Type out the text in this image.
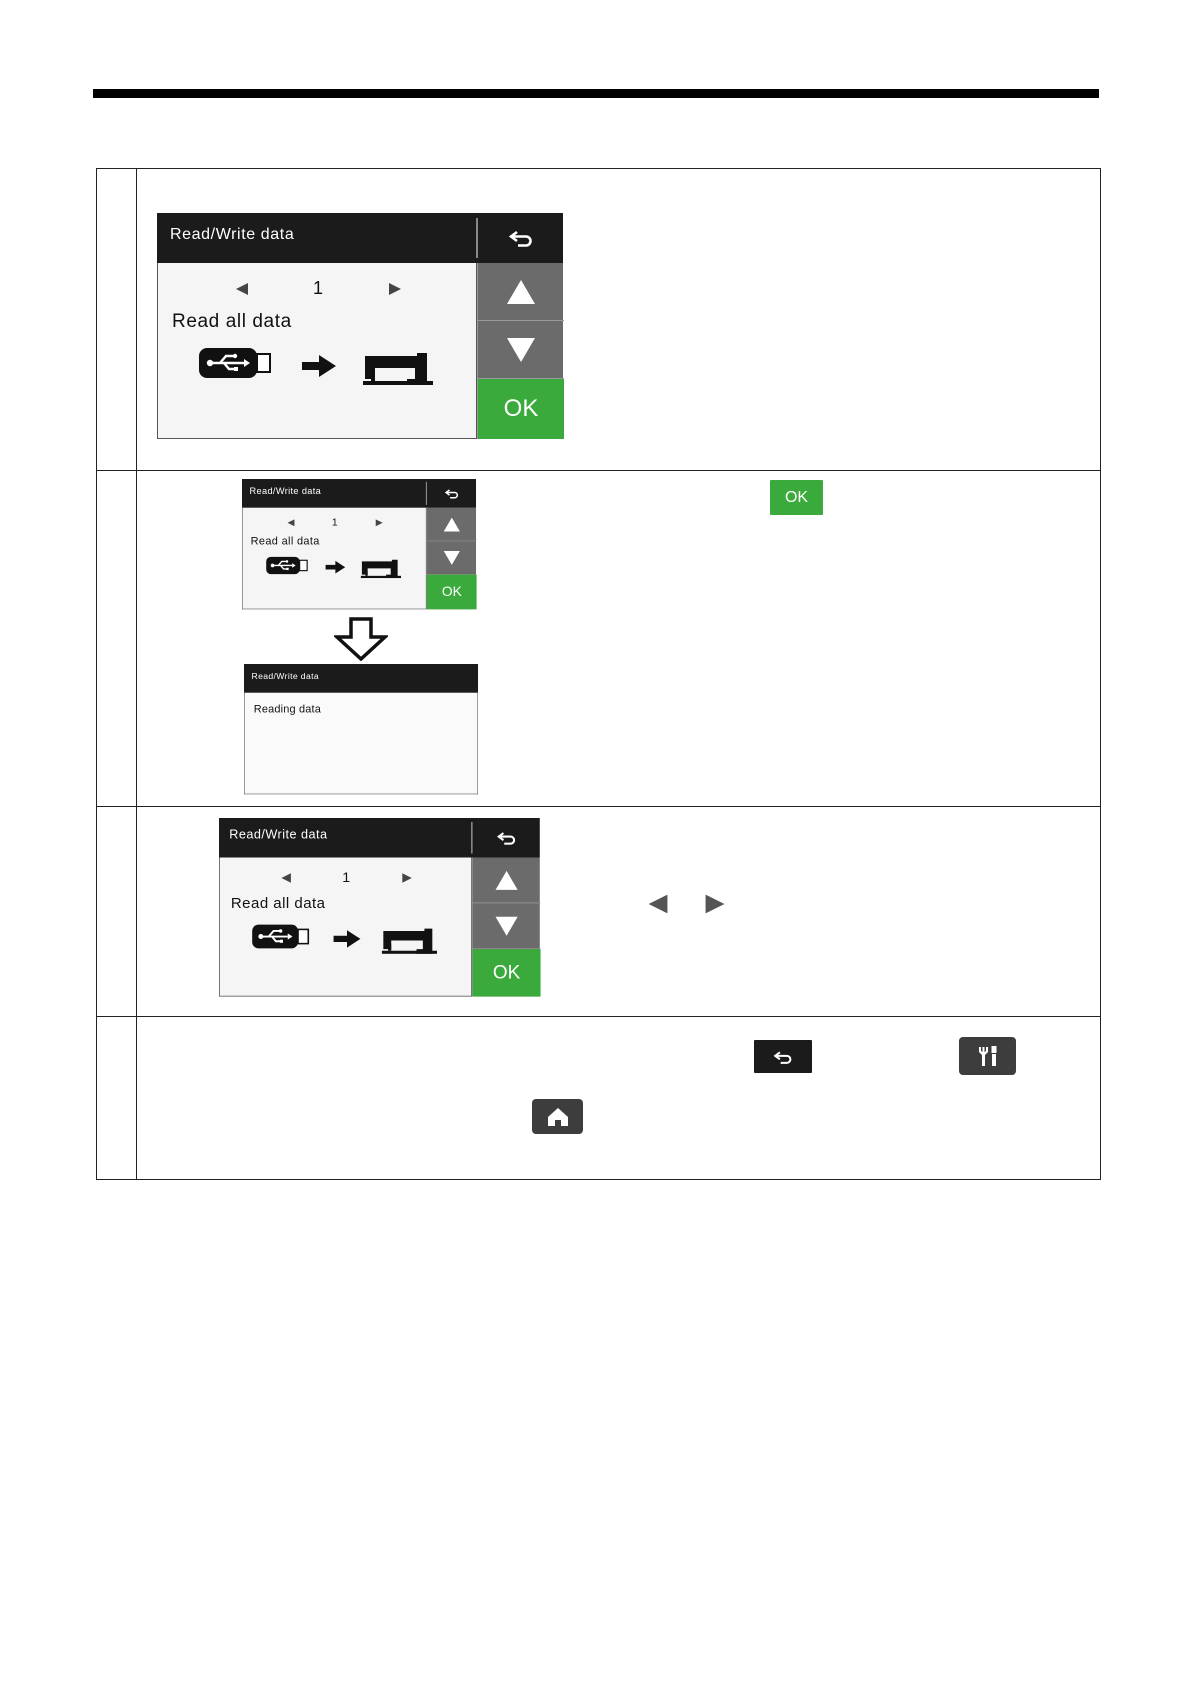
Read/Write data
1
Read all data
OK
Read/Write data
1
Read all data
OK
Read/Write data
Reading data
OK
Read/Write data
1
Read all data
OK
